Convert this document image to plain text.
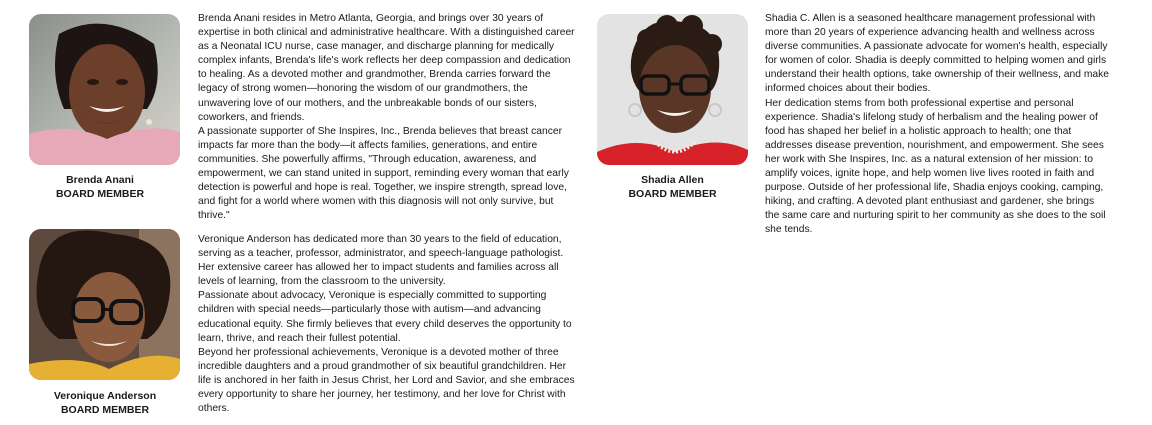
Brenda Anani
BOARD MEMBER

Brenda Anani resides in Metro Atlanta, Georgia, and brings over 30 years of expertise in both clinical and administrative healthcare. With a distinguished career as a Neonatal ICU nurse, case manager, and discharge planning for medically complex infants, Brenda's life's work reflects her deep compassion and dedication to healing. As a devoted mother and grandmother, Brenda carries forward the legacy of strong women—honoring the wisdom of our grandmothers, the unwavering love of our mothers, and the unbreakable bonds of our sisters, coworkers, and friends.

A passionate supporter of She Inspires, Inc., Brenda believes that breast cancer impacts far more than the body—it affects families, generations, and entire communities. She powerfully affirms, "Through education, awareness, and empowerment, we can stand united in support, reminding every woman that early detection is powerful and hope is real. Together, we inspire strength, spread love, and fight for a world where women with this diagnosis will not only survive, but thrive."

Veronique Anderson
BOARD MEMBER

Veronique Anderson has dedicated more than 30 years to the field of education, serving as a teacher, professor, administrator, and speech-language pathologist. Her extensive career has allowed her to impact students and families across all levels of learning, from the classroom to the university.

Passionate about advocacy, Veronique is especially committed to supporting children with special needs—particularly those with autism—and advancing educational equity. She firmly believes that every child deserves the opportunity to learn, thrive, and reach their fullest potential.

Beyond her professional achievements, Veronique is a devoted mother of three incredible daughters and a proud grandmother of six beautiful grandchildren. Her life is anchored in her faith in Jesus Christ, her Lord and Savior, and she embraces every opportunity to share her journey, her testimony, and her love for Christ with others.

Shadia Allen
BOARD MEMBER

Shadia C. Allen is a seasoned healthcare management professional with more than 20 years of experience advancing health and wellness across diverse communities. A passionate advocate for women's health, especially for women of color. Shadia is deeply committed to helping women and girls understand their health options, take ownership of their wellness, and make informed choices about their bodies.

Her dedication stems from both professional expertise and personal experience. Shadia's lifelong study of herbalism and the healing power of food has shaped her belief in a holistic approach to health; one that addresses disease prevention, nourishment, and empowerment. She sees her work with She Inspires, Inc. as a natural extension of her mission: to amplify voices, ignite hope, and help women live lives rooted in faith and purpose. Outside of her professional life, Shadia enjoys cooking, camping, hiking, and crafting. A devoted plant enthusiast and gardener, she brings the same care and nurturing spirit to her community as she does to the soil she tends.
